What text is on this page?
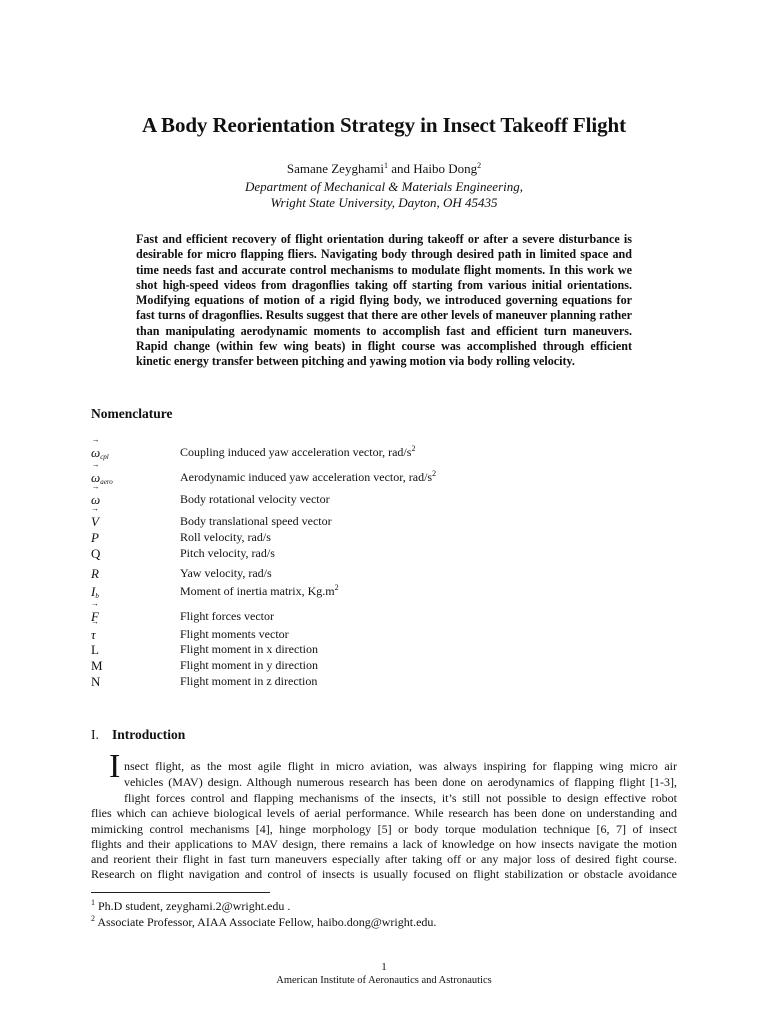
A Body Reorientation Strategy in Insect Takeoff Flight
Samane Zeyghami$^1$ and Haibo Dong$^2$
Department of Mechanical & Materials Engineering,
Wright State University, Dayton, OH 45435
Fast and efficient recovery of flight orientation during takeoff or after a severe disturbance is desirable for micro flapping fliers. Navigating body through desired path in limited space and time needs fast and accurate control mechanisms to modulate flight moments. In this work we shot high-speed videos from dragonflies taking off starting from various initial orientations. Modifying equations of motion of a rigid flying body, we introduced governing equations for fast turns of dragonflies. Results suggest that there are other levels of maneuver planning rather than manipulating aerodynamic moments to accomplish fast and efficient turn maneuvers. Rapid change (within few wing beats) in flight course was accomplished through efficient kinetic energy transfer between pitching and yawing motion via body rolling velocity.
Nomenclature
→ $\omega_{cpl}$	Coupling induced yaw acceleration vector, rad/$s^2$
→ $\omega_{aero}$	Aerodynamic induced yaw acceleration vector, rad/$s^2$
→ ω	Body rotational velocity vector
→ V	Body translational speed vector
P	Roll velocity, rad/s
Q	Pitch velocity, rad/s
R	Yaw velocity, rad/s
$I_b$	Moment of inertia matrix, $Kg.m^2$
→ F	Flight forces vector
→ τ	Flight moments vector
L	Flight moment in x direction
M	Flight moment in y direction
N	Flight moment in z direction
I. Introduction
I nsect flight, as the most agile flight in micro aviation, was always inspiring for flapping wing micro air
vehicles (MAV) design. Although numerous research has been done on aerodynamics of flapping flight [1-3],
flight forces control and flapping mechanisms of the insects, it’s still not possible to design effective robot
flies which can achieve biological levels of aerial performance. While research has been done on understanding and
mimicking control mechanisms [4], hinge morphology [5] or body torque modulation technique [6, 7] of insect
flights and their applications to MAV design, there remains a lack of knowledge on how insects navigate the motion
and reorient their flight in fast turn maneuvers especially after taking off or any major loss of desired fight course.
Research on flight navigation and control of insects is usually focused on flight stabilization or obstacle avoidance
$^1$ Ph.D student, zeyghami.2@wright.edu .
$^2$ Associate Professor, AIAA Associate Fellow, haibo.dong@wright.edu.
1
American Institute of Aeronautics and Astronautics
